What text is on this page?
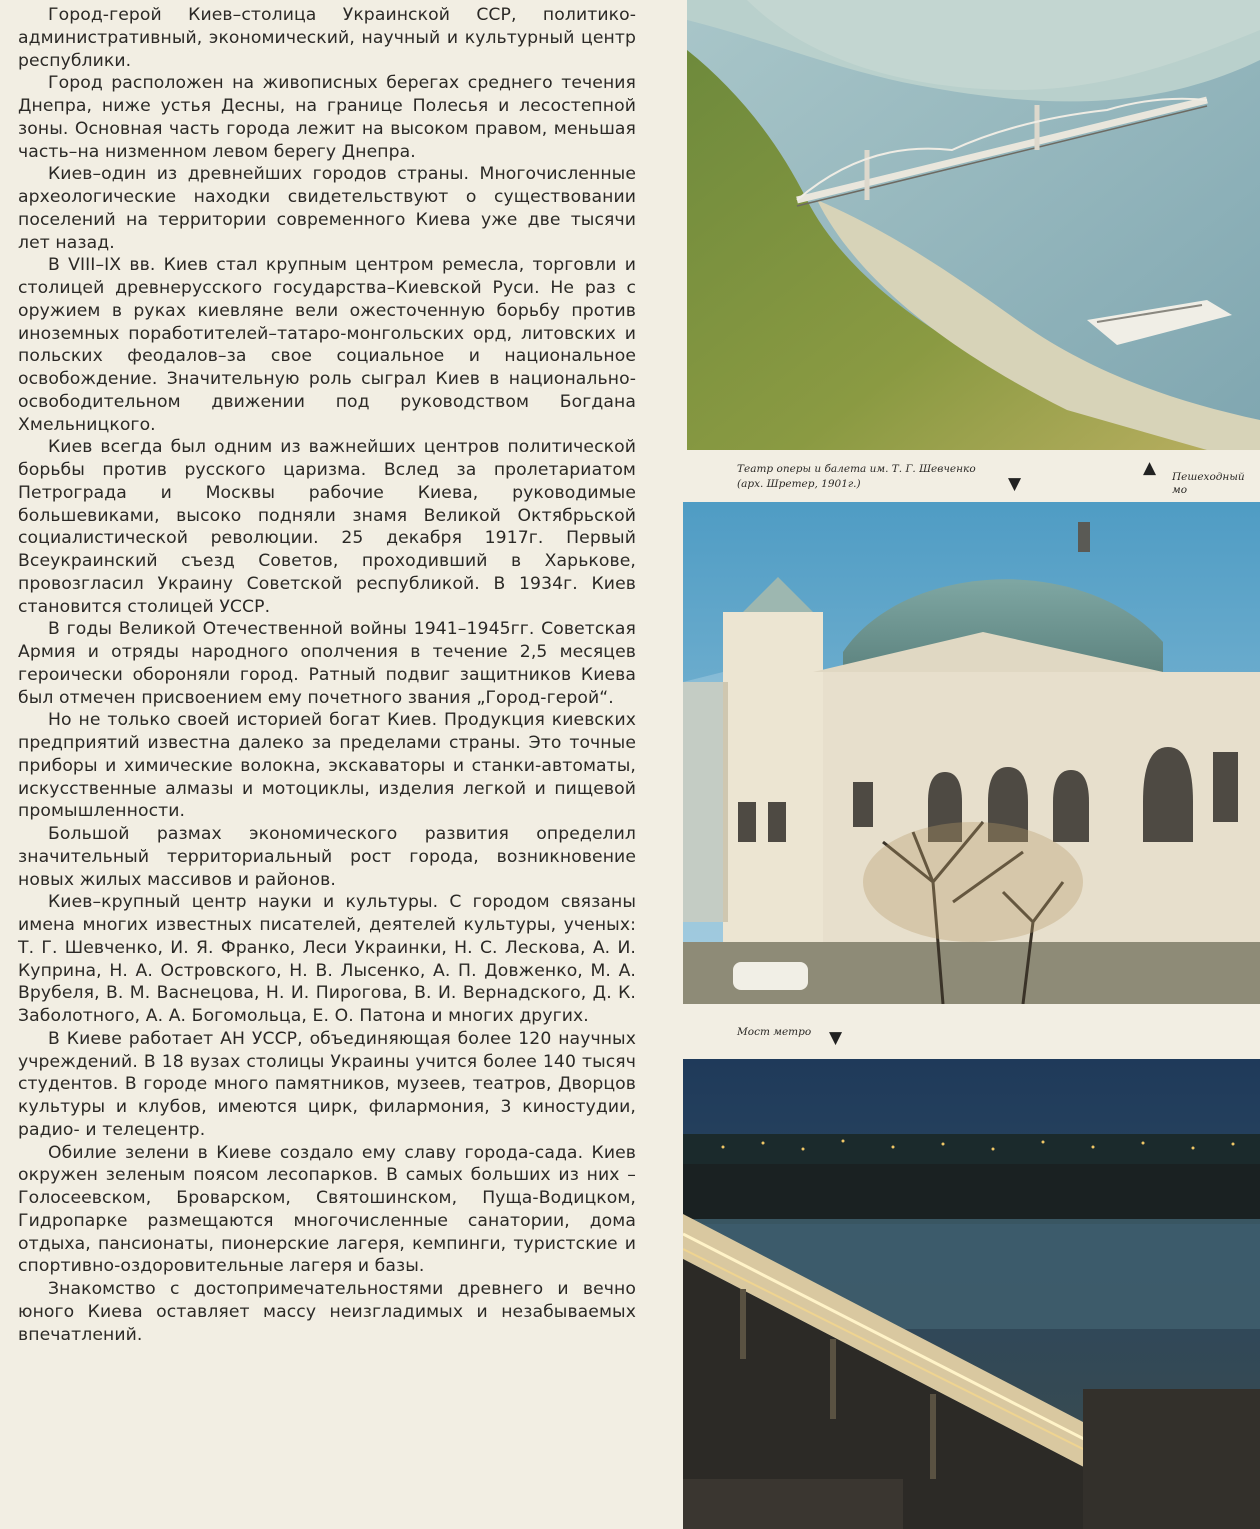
Город-герой Киев–столица Украинской ССР, политико-административный, экономический, научный и культурный центр республики.

Город расположен на живописных берегах среднего течения Днепра, ниже устья Десны, на границе Полесья и лесостепной зоны. Основная часть города лежит на высоком правом, меньшая часть–на низменном левом берегу Днепра.

Киев–один из древнейших городов страны. Многочисленные археологические находки свидетельствуют о существовании поселений на территории современного Киева уже две тысячи лет назад.

В VIII–IX вв. Киев стал крупным центром ремесла, торговли и столицей древнерусского государства–Киевской Руси. Не раз с оружием в руках киевляне вели ожесточенную борьбу против иноземных поработителей–татаро-монгольских орд, литовских и польских феодалов–за свое социальное и национальное освобождение. Значительную роль сыграл Киев в национально-освободительном движении под руководством Богдана Хмельницкого.

Киев всегда был одним из важнейших центров политической борьбы против русского царизма. Вслед за пролетариатом Петрограда и Москвы рабочие Киева, руководимые большевиками, высоко подняли знамя Великой Октябрьской социалистической революции. 25 декабря 1917г. Первый Всеукраинский съезд Советов, проходивший в Харькове, провозгласил Украину Советской республикой. В 1934г. Киев становится столицей УССР.

В годы Великой Отечественной войны 1941–1945гг. Советская Армия и отряды народного ополчения в течение 2,5 месяцев героически обороняли город. Ратный подвиг защитников Киева был отмечен присвоением ему почетного звания „Город-герой“.

Но не только своей историей богат Киев. Продукция киевских предприятий известна далеко за пределами страны. Это точные приборы и химические волокна, экскаваторы и станки-автоматы, искусственные алмазы и мотоциклы, изделия легкой и пищевой промышленности.

Большой размах экономического развития определил значительный территориальный рост города, возникновение новых жилых массивов и районов.

Киев–крупный центр науки и культуры. С городом связаны имена многих известных писателей, деятелей культуры, ученых: Т. Г. Шевченко, И. Я. Франко, Леси Украинки, Н. С. Лескова, А. И. Куприна, Н. А. Островского, Н. В. Лысенко, А. П. Довженко, М. А. Врубеля, В. М. Васнецова, Н. И. Пирогова, В. И. Вернадского, Д. К. Заболотного, А. А. Богомольца, Е. О. Патона и многих других.

В Киеве работает АН УССР, объединяющая более 120 научных учреждений. В 18 вузах столицы Украины учится более 140 тысяч студентов. В городе много памятников, музеев, театров, Дворцов культуры и клубов, имеются цирк, филармония, 3 киностудии, радио- и телецентр.

Обилие зелени в Киеве создало ему славу города-сада. Киев окружен зеленым поясом лесопарков. В самых больших из них – Голосеевском, Броварском, Святошинском, Пуща-Водицком, Гидропарке размещаются многочисленные санатории, дома отдыха, пансионаты, пионерские лагеря, кемпинги, туристские и спортивно-оздоровительные лагеря и базы.

Знакомство с достопримечательностями древнего и вечно юного Киева оставляет массу неизгладимых и незабываемых впечатлений.

Театр оперы и балета им. Т. Г. Шевченко
(арх. Шретер, 1901г.)	▼
▲ Пешеходный мо
Мост метро ▼
